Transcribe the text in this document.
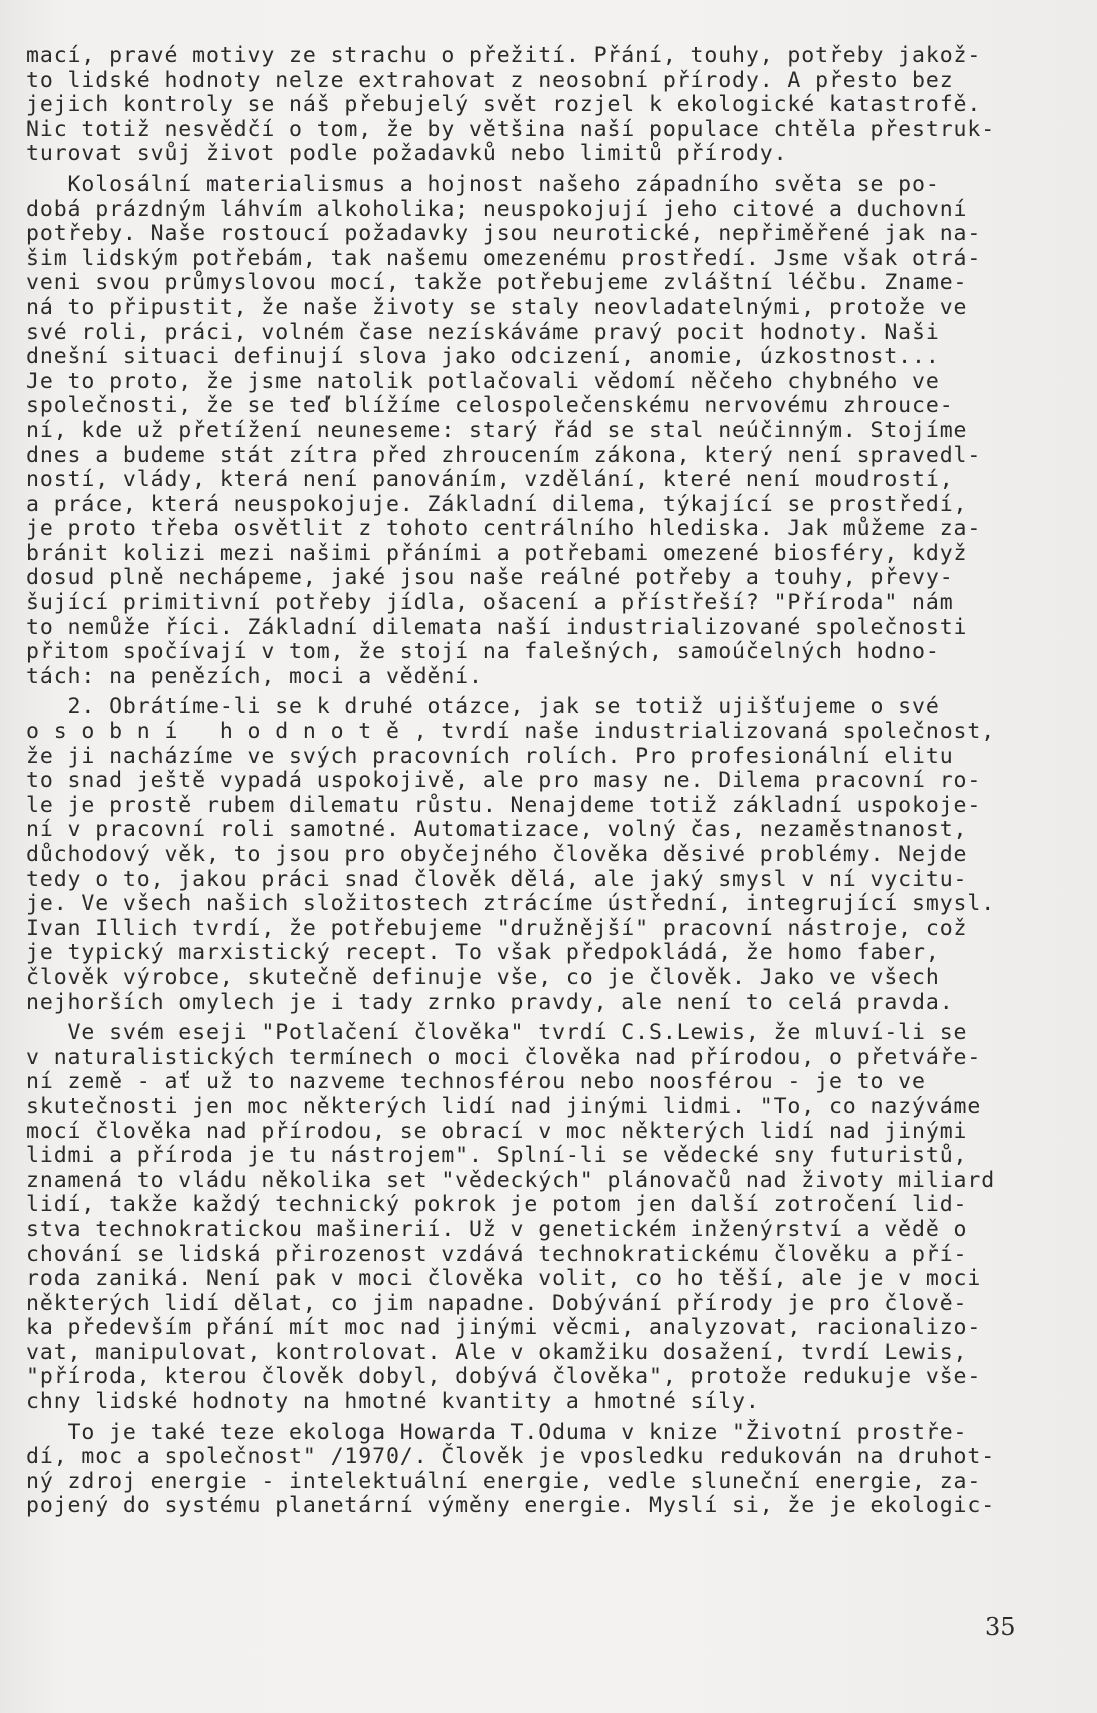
mací, pravé motivy ze strachu o přežití. Přání, touhy, potřeby jakož-
to lidské hodnoty nelze extrahovat z neosobní přírody. A přesto bez
jejich kontroly se náš přebujelý svět rozjel k ekologické katastrofě.
Nic totiž nesvědčí o tom, že by většina naší populace chtěla přestruk-
turovat svůj život podle požadavků nebo limitů přírody.
Kolosální materialismus a hojnost našeho západního světa se po-
dobá prázdným láhvím alkoholika; neuspokojují jeho citové a duchovní
potřeby. Naše rostoucí požadavky jsou neurotické, nepřiměřené jak na-
šim lidským potřebám, tak našemu omezenému prostředí. Jsme však otrá-
veni svou průmyslovou mocí, takže potřebujeme zvláštní léčbu. Zname-
ná to připustit, že naše životy se staly neovladatelnými, protože ve
své roli, práci, volném čase nezískáváme pravý pocit hodnoty. Naši
dnešní situaci definují slova jako odcizení, anomie, úzkostnost...
Je to proto, že jsme natolik potlačovali vědomí něčeho chybného ve
společnosti, že se teď blížíme celospolečenskému nervovému zhrouce-
ní, kde už přetížení neuneseme: starý řád se stal neúčinným. Stojíme
dnes a budeme stát zítra před zhroucením zákona, který není spravedl-
ností, vlády, která není panováním, vzdělání, které není moudrostí,
a práce, která neuspokojuje. Základní dilema, týkající se prostředí,
je proto třeba osvětlit z tohoto centrálního hlediska. Jak můžeme za-
bránit kolizi mezi našimi přáními a potřebami omezené biosféry, když
dosud plně nechápeme, jaké jsou naše reálné potřeby a touhy, převy-
šující primitivní potřeby jídla, ošacení a přístřeší? "Příroda" nám
to nemůže říci. Základní dilemata naší industrializované společnosti
přitom spočívají v tom, že stojí na falešných, samoúčelných hodno-
tách: na penězích, moci a vědění.
2. Obrátíme-li se k druhé otázce, jak se totiž ujišťujeme o své
o s o b n í   h o d n o t ě , tvrdí naše industrializovaná společnost,
že ji nacházíme ve svých pracovních rolích. Pro profesionální elitu
to snad ještě vypadá uspokojivě, ale pro masy ne. Dilema pracovní ro-
le je prostě rubem dilematu růstu. Nenajdeme totiž základní uspokoje-
ní v pracovní roli samotné. Automatizace, volný čas, nezaměstnanost,
důchodový věk, to jsou pro obyčejného člověka děsivé problémy. Nejde
tedy o to, jakou práci snad člověk dělá, ale jaký smysl v ní vycitu-
je. Ve všech našich složitostech ztrácíme ústřední, integrující smysl.
Ivan Illich tvrdí, že potřebujeme "družnější" pracovní nástroje, což
je typický marxistický recept. To však předpokládá, že homo faber,
člověk výrobce, skutečně definuje vše, co je člověk. Jako ve všech
nejhorších omylech je i tady zrnko pravdy, ale není to celá pravda.
Ve svém eseji "Potlačení člověka" tvrdí C.S.Lewis, že mluví-li se
v naturalistických termínech o moci člověka nad přírodou, o přetváře-
ní země - ať už to nazveme technosférou nebo noosférou - je to ve
skutečnosti jen moc některých lidí nad jinými lidmi. "To, co nazýváme
mocí člověka nad přírodou, se obrací v moc některých lidí nad jinými
lidmi a příroda je tu nástrojem". Splní-li se vědecké sny futuristů,
znamená to vládu několika set "vědeckých" plánovačů nad životy miliard
lidí, takže každý technický pokrok je potom jen další zotročení lid-
stva technokratickou mašinerií. Už v genetickém inženýrství a vědě o
chování se lidská přirozenost vzdává technokratickému člověku a pří-
roda zaniká. Není pak v moci člověka volit, co ho těší, ale je v moci
některých lidí dělat, co jim napadne. Dobývání přírody je pro člově-
ka především přání mít moc nad jinými věcmi, analyzovat, racionalizo-
vat, manipulovat, kontrolovat. Ale v okamžiku dosažení, tvrdí Lewis,
"příroda, kterou člověk dobyl, dobývá člověka", protože redukuje vše-
chny lidské hodnoty na hmotné kvantity a hmotné síly.
To je také teze ekologa Howarda T.Oduma v knize "Životní prostře-
dí, moc a společnost" /1970/. Člověk je vposledku redukován na druhot-
ný zdroj energie - intelektuální energie, vedle sluneční energie, za-
pojený do systému planetární výměny energie. Myslí si, že je ekologic-
35
